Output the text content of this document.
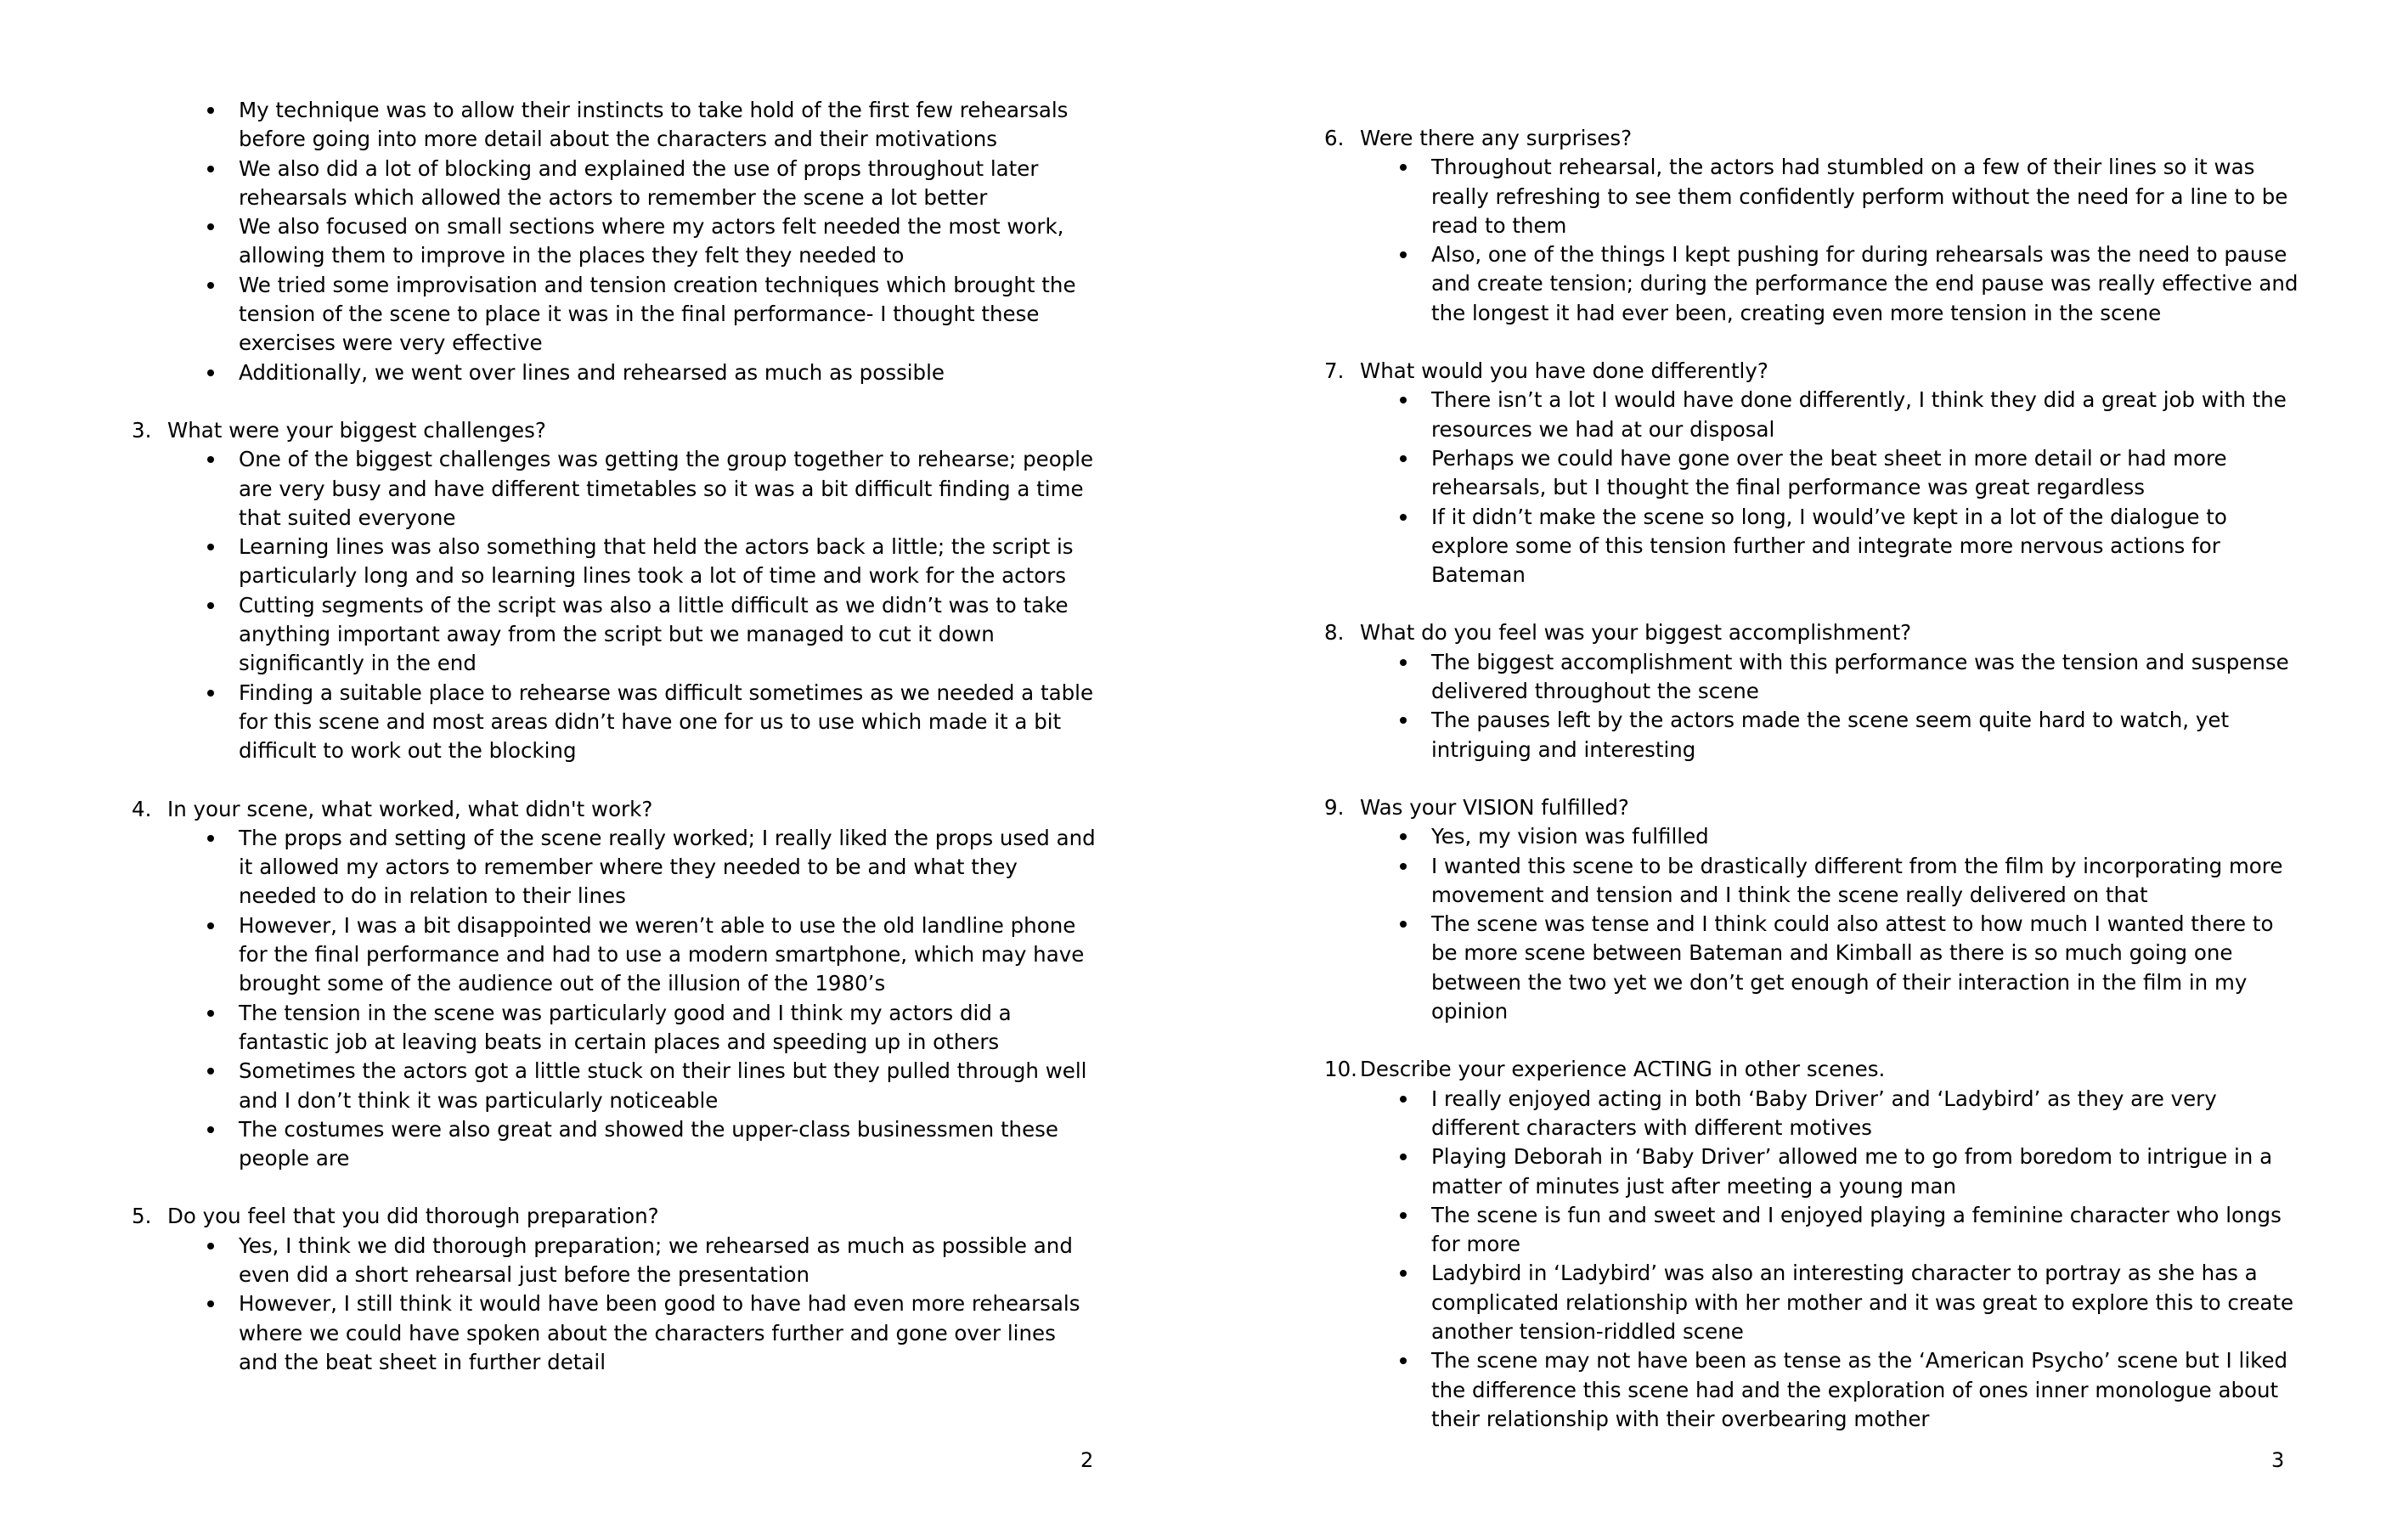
My technique was to allow their instincts to take hold of the first few rehearsals before going into more detail about the characters and their motivations
We also did a lot of blocking and explained the use of props throughout later rehearsals which allowed the actors to remember the scene a lot better
We also focused on small sections where my actors felt needed the most work, allowing them to improve in the places they felt they needed to
We tried some improvisation and tension creation techniques which brought the tension of the scene to place it was in the final performance- I thought these exercises were very effective
Additionally, we went over lines and rehearsed as much as possible
3. What were your biggest challenges?
One of the biggest challenges was getting the group together to rehearse; people are very busy and have different timetables so it was a bit difficult finding a time that suited everyone
Learning lines was also something that held the actors back a little; the script is particularly long and so learning lines took a lot of time and work for the actors
Cutting segments of the script was also a little difficult as we didn’t was to take anything important away from the script but we managed to cut it down significantly in the end
Finding a suitable place to rehearse was difficult sometimes as we needed a table for this scene and most areas didn’t have one for us to use which made it a bit difficult to work out the blocking
4. In your scene, what worked, what didn't work?
The props and setting of the scene really worked; I really liked the props used and it allowed my actors to remember where they needed to be and what they needed to do in relation to their lines
However, I was a bit disappointed we weren’t able to use the old landline phone for the final performance and had to use a modern smartphone, which may have brought some of the audience out of the illusion of the 1980’s
The tension in the scene was particularly good and I think my actors did a fantastic job at leaving beats in certain places and speeding up in others
Sometimes the actors got a little stuck on their lines but they pulled through well and I don’t think it was particularly noticeable
The costumes were also great and showed the upper-class businessmen these people are
5. Do you feel that you did thorough preparation?
Yes, I think we did thorough preparation; we rehearsed as much as possible and even did a short rehearsal just before the presentation
However, I still think it would have been good to have had even more rehearsals where we could have spoken about the characters further and gone over lines and the beat sheet in further detail
2
6. Were there any surprises?
Throughout rehearsal, the actors had stumbled on a few of their lines so it was really refreshing to see them confidently perform without the need for a line to be read to them
Also, one of the things I kept pushing for during rehearsals was the need to pause and create tension; during the performance the end pause was really effective and the longest it had ever been, creating even more tension in the scene
7. What would you have done differently?
There isn’t a lot I would have done differently, I think they did a great job with the resources we had at our disposal
Perhaps we could have gone over the beat sheet in more detail or had more rehearsals, but I thought the final performance was great regardless
If it didn’t make the scene so long, I would’ve kept in a lot of the dialogue to explore some of this tension further and integrate more nervous actions for Bateman
8. What do you feel was your biggest accomplishment?
The biggest accomplishment with this performance was the tension and suspense delivered throughout the scene
The pauses left by the actors made the scene seem quite hard to watch, yet intriguing and interesting
9. Was your VISION fulfilled?
Yes, my vision was fulfilled
I wanted this scene to be drastically different from the film by incorporating more movement and tension and I think the scene really delivered on that
The scene was tense and I think could also attest to how much I wanted there to be more scene between Bateman and Kimball as there is so much going one between the two yet we don’t get enough of their interaction in the film in my opinion
10. Describe your experience ACTING in other scenes.
I really enjoyed acting in both ‘Baby Driver’ and ‘Ladybird’ as they are very different characters with different motives
Playing Deborah in ‘Baby Driver’ allowed me to go from boredom to intrigue in a matter of minutes just after meeting a young man
The scene is fun and sweet and I enjoyed playing a feminine character who longs for more
Ladybird in ‘Ladybird’ was also an interesting character to portray as she has a complicated relationship with her mother and it was great to explore this to create another tension-riddled scene
The scene may not have been as tense as the ‘American Psycho’ scene but I liked the difference this scene had and the exploration of ones inner monologue about their relationship with their overbearing mother
3
